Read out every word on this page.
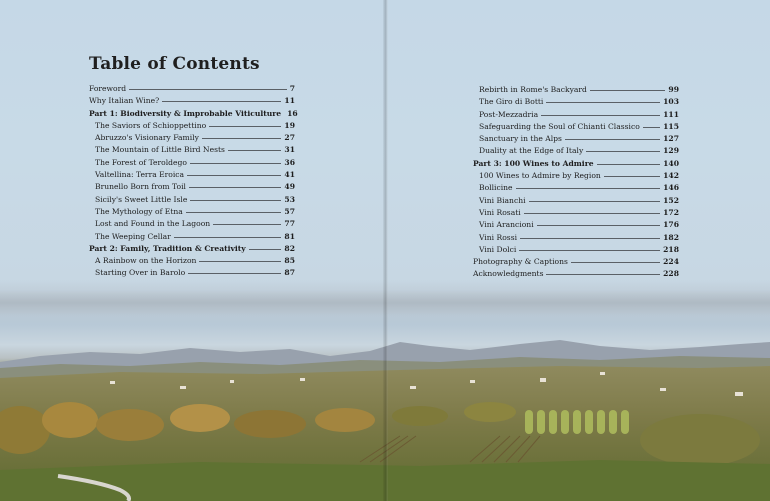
Table of Contents
Foreword	7
Why Italian Wine?	11
Part 1: Biodiversity & Improbable Viticulture 16
The Saviors of Schioppettino	19
Abruzzo's Visionary Family	27
The Mountain of Little Bird Nests	31
The Forest of Teroldego	36
Valtellina: Terra Eroica	41
Brunello Born from Toil	49
Sicily's Sweet Little Isle	53
The Mythology of Etna	57
Lost and Found in the Lagoon	77
The Weeping Cellar	81
Part 2: Family, Tradition & Creativity	82
A Rainbow on the Horizon	85
Starting Over in Barolo	87
Rebirth in Rome's Backyard	99
The Giro di Botti	103
Post-Mezzadria	111
Safeguarding the Soul of Chianti Classico	115
Sanctuary in the Alps	127
Duality at the Edge of Italy	129
Part 3: 100 Wines to Admire	140
100 Wines to Admire by Region	142
Bollicine	146
Vini Bianchi	152
Vini Rosati	172
Vini Arancioni	176
Vini Rossi	182
Vini Dolci	218
Photography & Captions	224
Acknowledgments	228
